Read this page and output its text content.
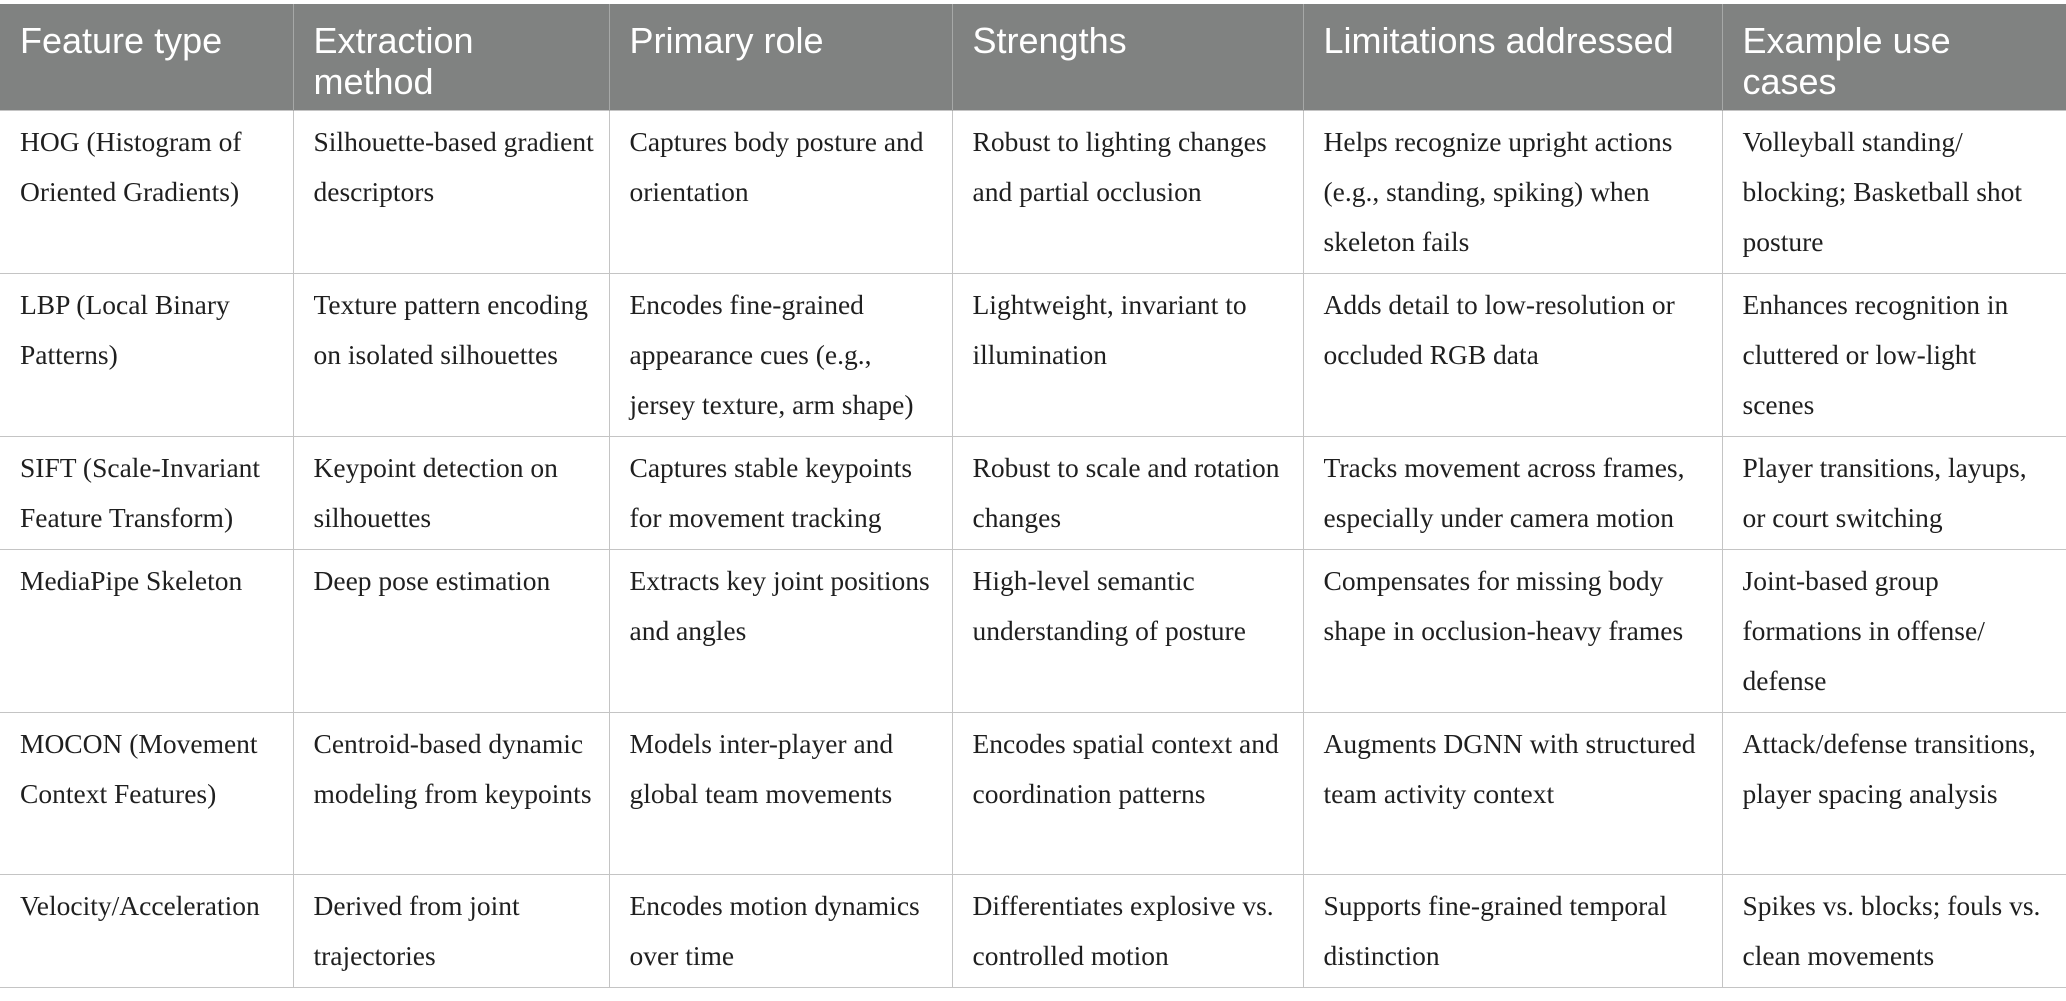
Feature type	Extraction method	Primary role	Strengths	Limitations addressed	Example use cases
HOG (Histogram of Oriented Gradients)	Silhouette-based gradient descriptors	Captures body posture and orientation	Robust to lighting changes and partial occlusion	Helps recognize upright actions (e.g., standing, spiking) when skeleton fails	Volleyball standing/ blocking; Basketball shot posture
LBP (Local Binary Patterns)	Texture pattern encoding on isolated silhouettes	Encodes fine-grained appearance cues (e.g., jersey texture, arm shape)	Lightweight, invariant to illumination	Adds detail to low-resolution or occluded RGB data	Enhances recognition in cluttered or low-light scenes
SIFT (Scale-Invariant Feature Transform)	Keypoint detection on silhouettes	Captures stable keypoints for movement tracking	Robust to scale and rotation changes	Tracks movement across frames, especially under camera motion	Player transitions, layups, or court switching
MediaPipe Skeleton	Deep pose estimation	Extracts key joint positions and angles	High-level semantic understanding of posture	Compensates for missing body shape in occlusion-heavy frames	Joint-based group formations in offense/ defense
MOCON (Movement Context Features)	Centroid-based dynamic modeling from keypoints	Models inter-player and global team movements	Encodes spatial context and coordination patterns	Augments DGNN with structured team activity context	Attack/defense transitions, player spacing analysis
Velocity/Acceleration	Derived from joint trajectories	Encodes motion dynamics over time	Differentiates explosive vs. controlled motion	Supports fine-grained temporal distinction	Spikes vs. blocks; fouls vs. clean movements
